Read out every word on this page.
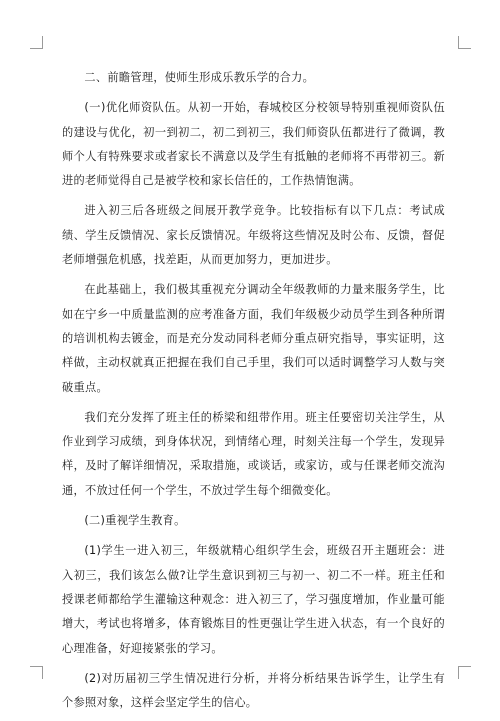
二、前瞻管理，使师生形成乐教乐学的合力。

(一)优化师资队伍。从初一开始，春城校区分校领导特别重视师资队伍的建设与优化，初一到初二，初二到初三，我们师资队伍都进行了微调，教师个人有特殊要求或者家长不满意以及学生有抵触的老师将不再带初三。新进的老师觉得自己是被学校和家长信任的，工作热情饱满。

进入初三后各班级之间展开教学竞争。比较指标有以下几点：考试成绩、学生反馈情况、家长反馈情况。年级将这些情况及时公布、反馈，督促老师增强危机感，找差距，从而更加努力，更加进步。

在此基础上，我们极其重视充分调动全年级教师的力量来服务学生，比如在宁乡一中质量监测的应考准备方面，我们年级极少动员学生到各种所谓的培训机构去镀金，而是充分发动同科老师分重点研究指导，事实证明，这样做，主动权就真正把握在我们自己手里，我们可以适时调整学习人数与突破重点。

我们充分发挥了班主任的桥梁和纽带作用。班主任要密切关注学生，从作业到学习成绩，到身体状况，到情绪心理，时刻关注每一个学生，发现异样，及时了解详细情况，采取措施，或谈话，或家访，或与任课老师交流沟通，不放过任何一个学生，不放过学生每个细微变化。

(二)重视学生教育。

(1)学生一进入初三，年级就精心组织学生会，班级召开主题班会：进入初三，我们该怎么做?让学生意识到初三与初一、初二不一样。班主任和授课老师都给学生灌输这种观念：进入初三了，学习强度增加，作业量可能增大，考试也将增多，体育锻炼目的性更强让学生进入状态，有一个良好的心理准备，好迎接紧张的学习。

(2)对历届初三学生情况进行分析，并将分析结果告诉学生，让学生有个参照对象，这样会坚定学生的信心。
